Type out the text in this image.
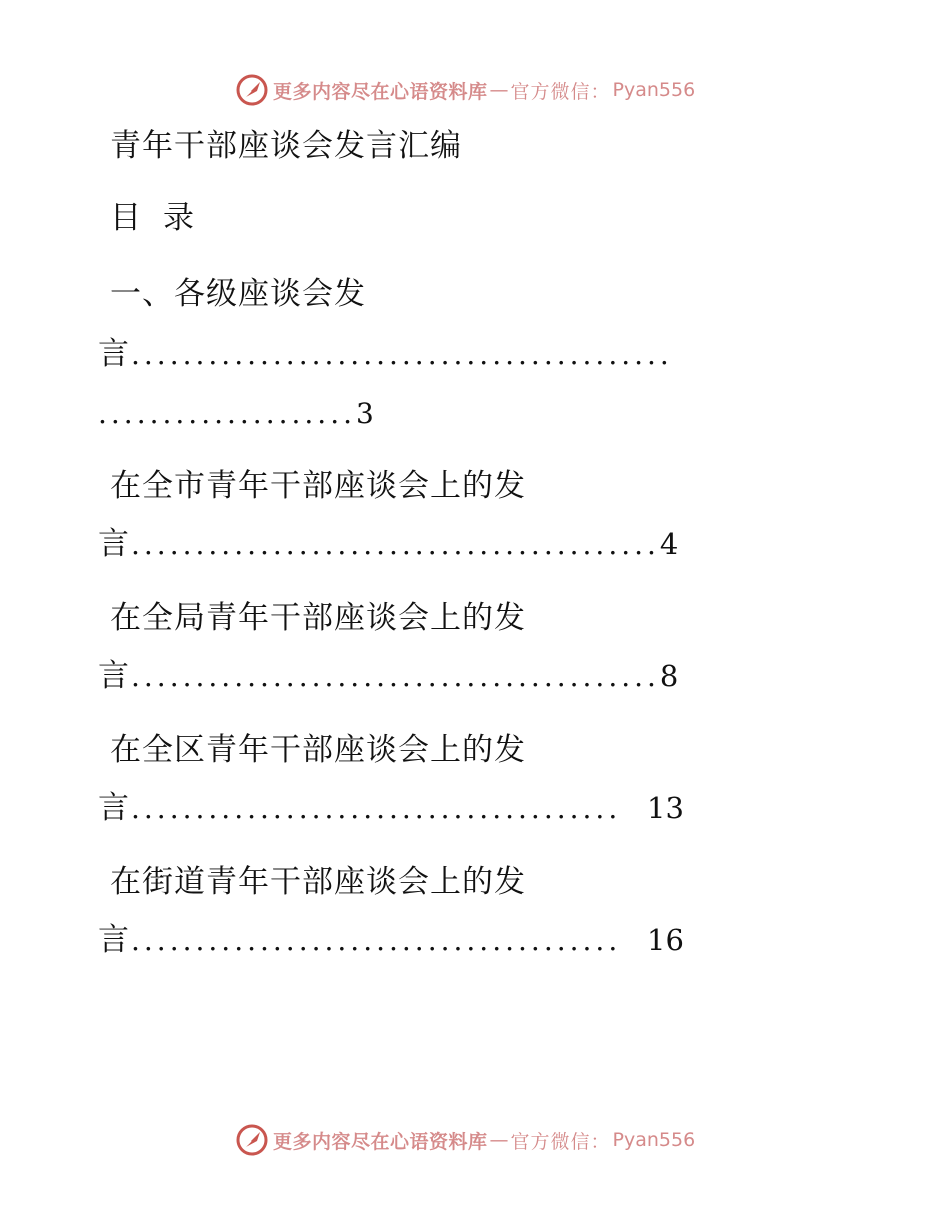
更多内容尽在心语资料库 — 官方微信： Pyan556
青年干部座谈会发言汇编
目录
一、各级座谈会发
言 ..........................................
....................3
在全市青年干部座谈会上的发
言 ......................................... 4
在全局青年干部座谈会上的发
言 ......................................... 8
在全区青年干部座谈会上的发
言 ...................................... 13
在街道青年干部座谈会上的发
言 ...................................... 16
更多内容尽在心语资料库 — 官方微信： Pyan556
